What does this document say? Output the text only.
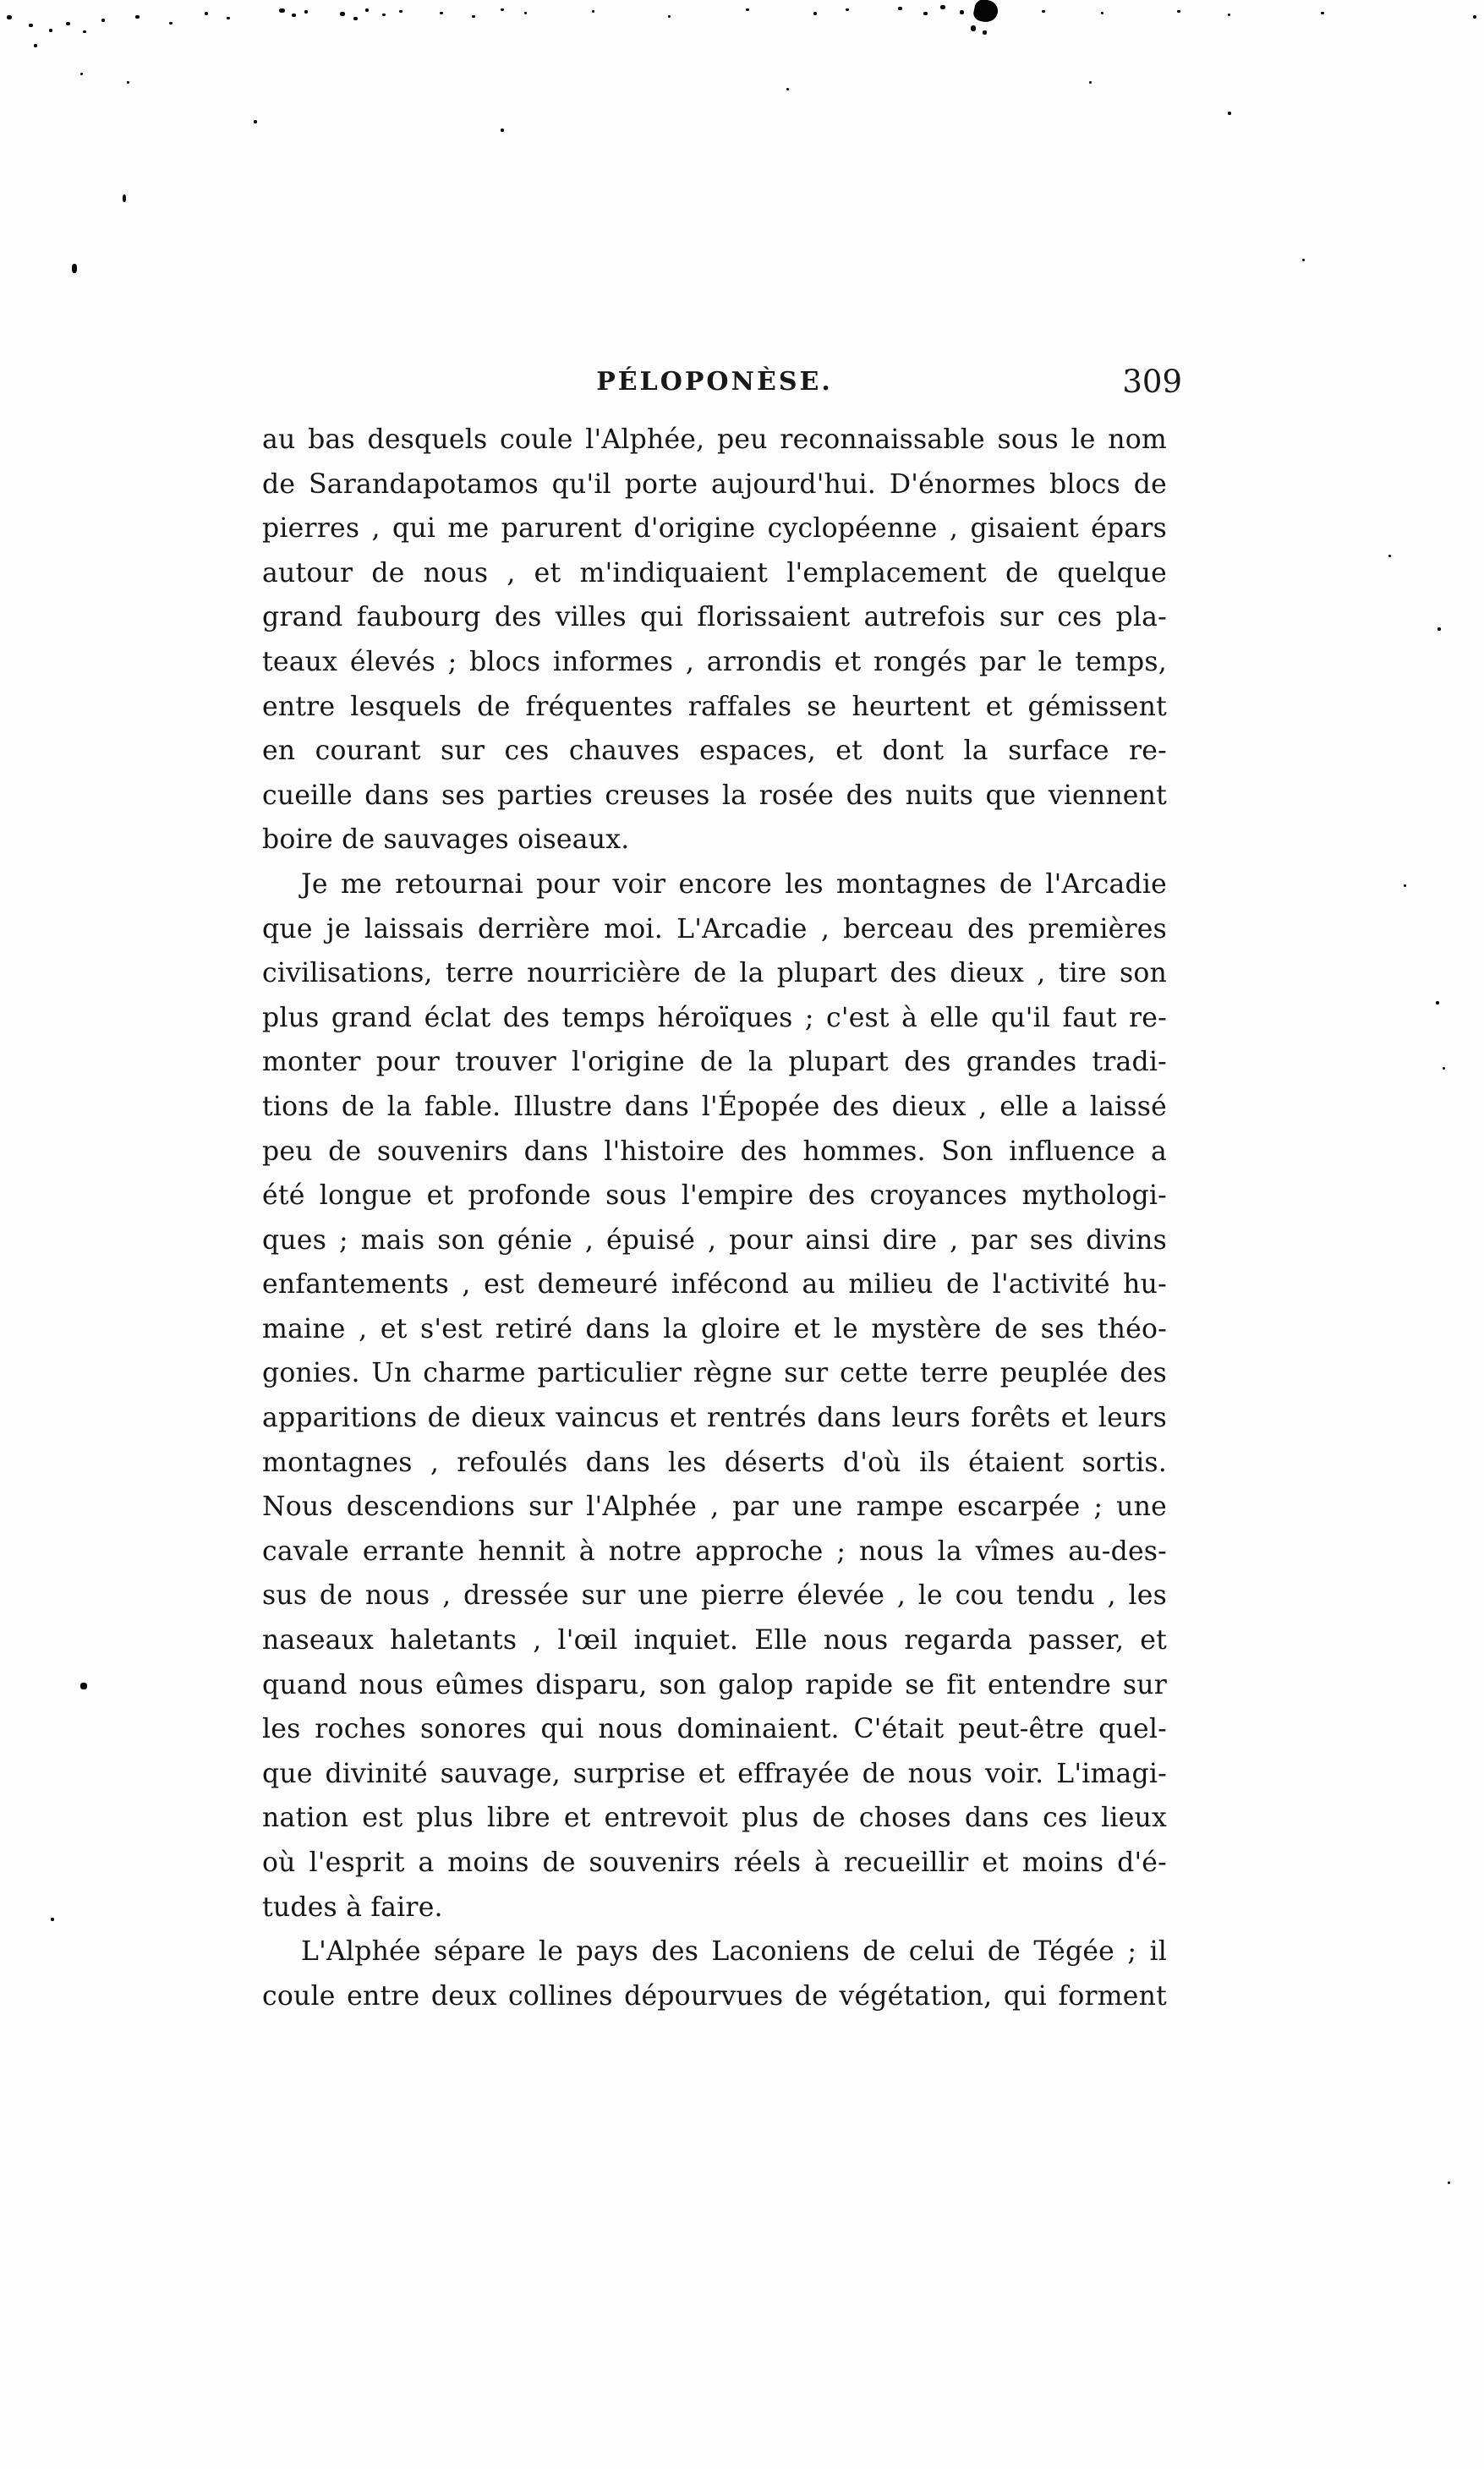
PÉLOPONÈSE.	309
au bas desquels coule l'Alphée, peu reconnaissable sous le nom
de Sarandapotamos qu'il porte aujourd'hui. D'énormes blocs de
pierres , qui me parurent d'origine cyclopéenne , gisaient épars
autour de nous , et m'indiquaient l'emplacement de quelque
grand faubourg des villes qui florissaient autrefois sur ces pla-
teaux élevés ; blocs informes , arrondis et rongés par le temps,
entre lesquels de fréquentes raffales se heurtent et gémissent
en courant sur ces chauves espaces, et dont la surface re-
cueille dans ses parties creuses la rosée des nuits que viennent
boire de sauvages oiseaux.
Je me retournai pour voir encore les montagnes de l'Arcadie
que je laissais derrière moi. L'Arcadie , berceau des premières
civilisations, terre nourricière de la plupart des dieux , tire son
plus grand éclat des temps héroïques ; c'est à elle qu'il faut re-
monter pour trouver l'origine de la plupart des grandes tradi-
tions de la fable. Illustre dans l'Épopée des dieux , elle a laissé
peu de souvenirs dans l'histoire des hommes. Son influence a
été longue et profonde sous l'empire des croyances mythologi-
ques ; mais son génie , épuisé , pour ainsi dire , par ses divins
enfantements , est demeuré infécond au milieu de l'activité hu-
maine , et s'est retiré dans la gloire et le mystère de ses théo-
gonies. Un charme particulier règne sur cette terre peuplée des
apparitions de dieux vaincus et rentrés dans leurs forêts et leurs
montagnes , refoulés dans les déserts d'où ils étaient sortis.
Nous descendions sur l'Alphée , par une rampe escarpée ; une
cavale errante hennit à notre approche ; nous la vîmes au-des-
sus de nous , dressée sur une pierre élevée , le cou tendu , les
naseaux haletants , l'œil inquiet. Elle nous regarda passer, et
quand nous eûmes disparu, son galop rapide se fit entendre sur
les roches sonores qui nous dominaient. C'était peut-être quel-
que divinité sauvage, surprise et effrayée de nous voir. L'imagi-
nation est plus libre et entrevoit plus de choses dans ces lieux
où l'esprit a moins de souvenirs réels à recueillir et moins d'é-
tudes à faire.
L'Alphée sépare le pays des Laconiens de celui de Tégée ; il
coule entre deux collines dépourvues de végétation, qui forment
